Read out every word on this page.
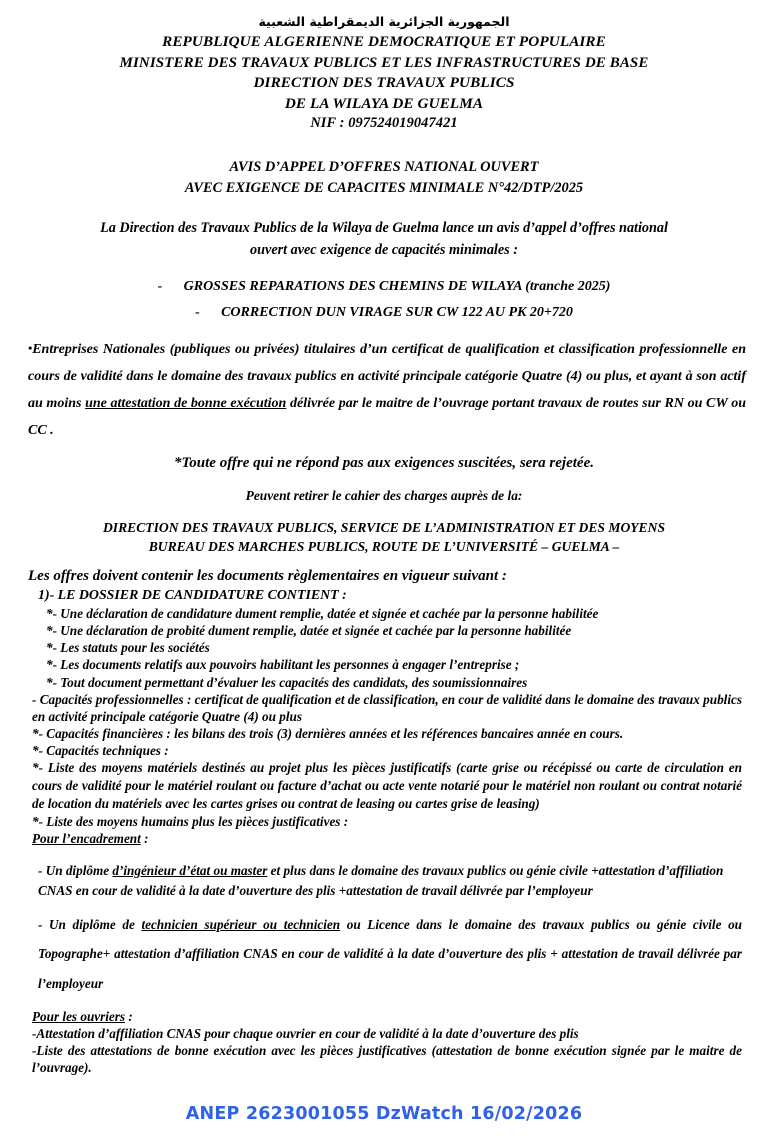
الجمهورية الجزائرية الديمقراطية الشعبية
REPUBLIQUE ALGERIENNE DEMOCRATIQUE ET POPULAIRE
MINISTERE DES TRAVAUX PUBLICS ET LES INFRASTRUCTURES DE BASE
DIRECTION DES TRAVAUX PUBLICS
DE LA WILAYA DE GUELMA
NIF : 097524019047421
AVIS D’APPEL D’OFFRES NATIONAL OUVERT
AVEC EXIGENCE DE CAPACITES MINIMALE N°42/DTP/2025
La Direction des Travaux Publics de la Wilaya de Guelma lance un avis d’appel d’offres national ouvert avec exigence de capacités minimales :
- GROSSES REPARATIONS DES CHEMINS DE WILAYA (tranche 2025)
- CORRECTION DUN VIRAGE SUR CW 122 AU PK 20+720
•Entreprises Nationales (publiques ou privées) titulaires d’un certificat de qualification et classification professionnelle en cours de validité dans le domaine des travaux publics en activité principale catégorie Quatre (4) ou plus, et ayant à son actif au moins une attestation de bonne exécution délivrée par le maitre de l’ouvrage portant travaux de routes sur RN ou CW ou CC .
*Toute offre qui ne répond pas aux exigences suscitées, sera rejetée.
Peuvent retirer le cahier des charges auprès de la:
DIRECTION DES TRAVAUX PUBLICS, SERVICE DE L’ADMINISTRATION ET DES MOYENS
BUREAU DES MARCHES PUBLICS, ROUTE DE L’UNIVERSITÉ – GUELMA –
Les offres doivent contenir les documents règlementaires en vigueur suivant :
1)- LE DOSSIER DE CANDIDATURE CONTIENT :
*- Une déclaration de candidature dument remplie, datée et signée et cachée par la personne habilitée
*- Une déclaration de probité dument remplie, datée et signée et cachée par la personne habilitée
*- Les statuts pour les sociétés
*- Les documents relatifs aux pouvoirs habilitant les personnes à engager l’entreprise ;
*- Tout document permettant d’évaluer les capacités des candidats, des soumissionnaires
- Capacités professionnelles : certificat de qualification et de classification, en cour de validité dans le domaine des travaux publics en activité principale catégorie Quatre (4) ou plus
*- Capacités financières : les bilans des trois (3) dernières années et les références bancaires année en cours.
*- Capacités techniques :
*- Liste des moyens matériels destinés au projet plus les pièces justificatifs (carte grise ou récépissé ou carte de circulation en cours de validité pour le matériel roulant ou facture d’achat ou acte vente notarié pour le matériel non roulant ou contrat notarié de location du matériels avec les cartes grises ou contrat de leasing ou cartes grise de leasing)
*- Liste des moyens humains plus les pièces justificatives :
Pour l’encadrement :
- Un diplôme d’ingénieur d’état ou master et plus dans le domaine des travaux publics ou génie civile +attestation d’affiliation CNAS en cour de validité à la date d’ouverture des plis +attestation de travail délivrée par l’employeur
- Un diplôme de technicien supérieur ou technicien ou Licence dans le domaine des travaux publics ou génie civile ou Topographe+ attestation d’affiliation CNAS en cour de validité à la date d’ouverture des plis + attestation de travail délivrée par l’employeur
Pour les ouvriers :
-Attestation d’affiliation CNAS pour chaque ouvrier en cour de validité à la date d’ouverture des plis
-Liste des attestations de bonne exécution avec les pièces justificatives (attestation de bonne exécution signée par le maitre de l’ouvrage).
ANEP 2623001055 DzWatch 16/02/2026
